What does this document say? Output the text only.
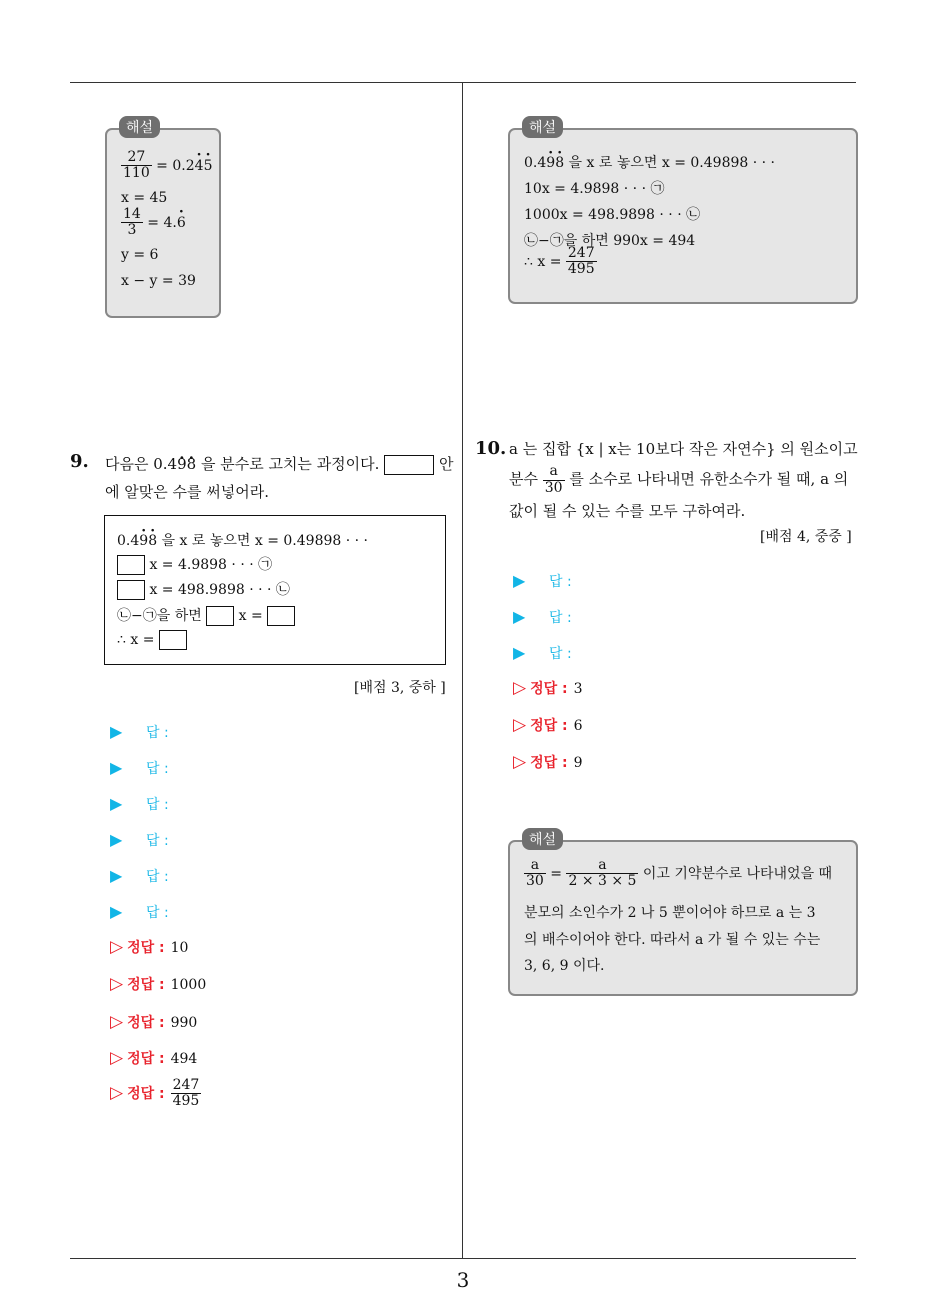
3
해설
$\frac{27}{110} = 0.2\cdot 4\cdot 5$
x = 45
$\frac{14}{3} = 4.\cdot 6$
y = 6
x − y = 39
9. 다음은 0.4· 9· 8 을 분수로 고치는 과정이다.	안
에 알맞은 수를 써넣어라.
0.4· 9· 8 을 x 로 놓으면 x = 0.49898 · · ·
x = 4.9898 · · · ㉠
x = 498.9898 · · · ㉡
㉡−㉠을 하면  x =
∴ x =
[배점 3, 중하 ]
▶ 답 :
▶ 답 :
▶ 답 :
▶ 답 :
▶ 답 :
▶ 답 :
▷ 정답 : 10
▷ 정답 : 1000
▷ 정답 : 990
▷ 정답 : 494
▷ 정답 : $\frac{247}{495}$
해설
0.4· 9· 8 을 x 로 놓으면 x = 0.49898 · · ·
10x = 4.9898 · · · ㉠
1000x = 498.9898 · · · ㉡
㉡−㉠을 하면 990x = 494
∴ $x = \frac{247}{495}$
10. a 는 집합 {x | x는 10보다 작은 자연수} 의 원소이고
분수 $\frac{a}{30}$ 를 소수로 나타내면 유한소수가 될 때, a 의
값이 될 수 있는 수를 모두 구하여라.
[배점 4, 중중 ]
▶ 답 :
▶ 답 :
▶ 답 :
▷ 정답 : 3
▷ 정답 : 6
▷ 정답 : 9
해설
$\frac{a}{30} = \frac{a}{2 \times 3 \times 5}$ 이고 기약분수로 나타내었을 때
분모의 소인수가 2 나 5 뿐이어야 하므로 a 는 3
의 배수이어야 한다. 따라서 a 가 될 수 있는 수는
3, 6, 9 이다.
